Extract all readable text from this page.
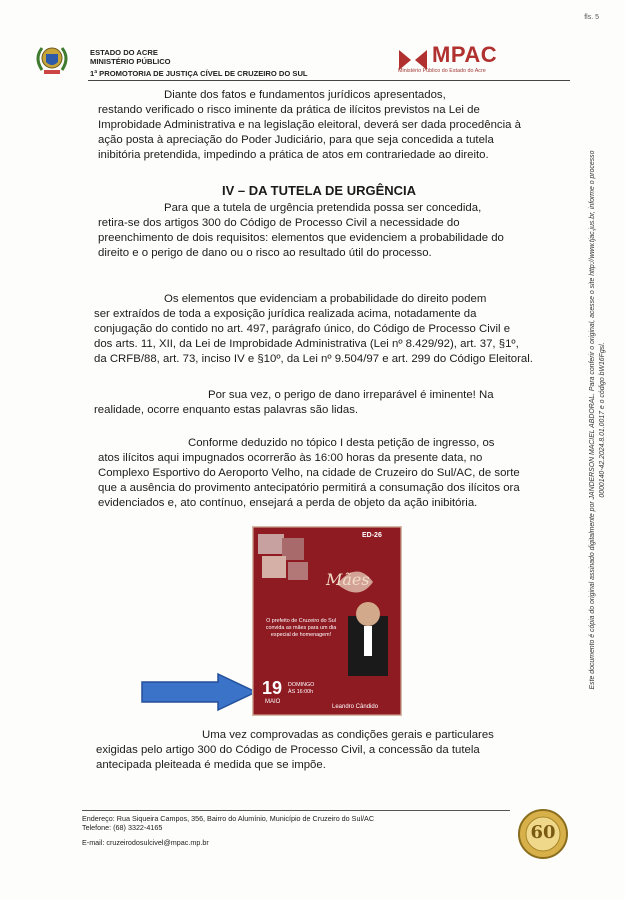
fls. 5
ESTADO DO ACRE
MINISTÉRIO PÚBLICO
1ª PROMOTORIA DE JUSTIÇA CÍVEL DE CRUZEIRO DO SUL
MPAC
Ministério Público do Estado do Acre
Este documento é cópia do original assinado digitalmente por JANDERSON MACIEL ABDORAL. Para conferir o original, acesse o site http://www.tjac.jus.br, informe o processo 0000140-42.2024.8.01.0017 e o código bW16Fgsl.
Diante dos fatos e fundamentos jurídicos apresentados,
restando verificado o risco iminente da prática de ilícitos previstos na Lei de
Improbidade Administrativa e na legislação eleitoral, deverá ser dada procedência à
ação posta à apreciação do Poder Judiciário, para que seja concedida a tutela
inibitória pretendida, impedindo a prática de atos em contrariedade ao direito.
IV – DA TUTELA DE URGÊNCIA
Para que a tutela de urgência pretendida possa ser concedida,
retira-se dos artigos 300 do Código de Processo Civil a necessidade do
preenchimento de dois requisitos: elementos que evidenciem a probabilidade do
direito e o perigo de dano ou o risco ao resultado útil do processo.
Os elementos que evidenciam a probabilidade do direito podem
ser extraídos de toda a exposição jurídica realizada acima, notadamente da
conjugação do contido no art. 497, parágrafo único, do Código de Processo Civil e
dos arts. 11, XII, da Lei de Improbidade Administrativa (Lei nº 8.429/92), art. 37, §1º,
da CRFB/88, art. 73, inciso IV e §10º, da Lei nº 9.504/97 e art. 299 do Código Eleitoral.
Por sua vez, o perigo de dano irreparável é iminente! Na
realidade, ocorre enquanto estas palavras são lidas.
Conforme deduzido no tópico I desta petição de ingresso, os
atos ilícitos aqui impugnados ocorrerão às 16:00 horas da presente data, no
Complexo Esportivo do Aeroporto Velho, na cidade de Cruzeiro do Sul/AC, de sorte
que a ausência do provimento antecipatório permitirá a consumação dos ilícitos ora
evidenciados e, ato contínuo, ensejará a perda de objeto da ação inibitória.
ED-26
Mães
O prefeito de Cruzeiro do Sul convida as mães para um dia especial de homenagem!
19
MAIO
DOMINGO
ÀS 16:00h
Leandro Cândido
Uma vez comprovadas as condições gerais e particulares
exigidas pelo artigo 300 do Código de Processo Civil, a concessão da tutela
antecipada pleiteada é medida que se impõe.
Endereço: Rua Siqueira Campos, 356, Bairro do Alumínio, Município de Cruzeiro do Sul/AC
Telefone: (68) 3322-4165
E-mail: cruzeirodosulcivel@mpac.mp.br	60
